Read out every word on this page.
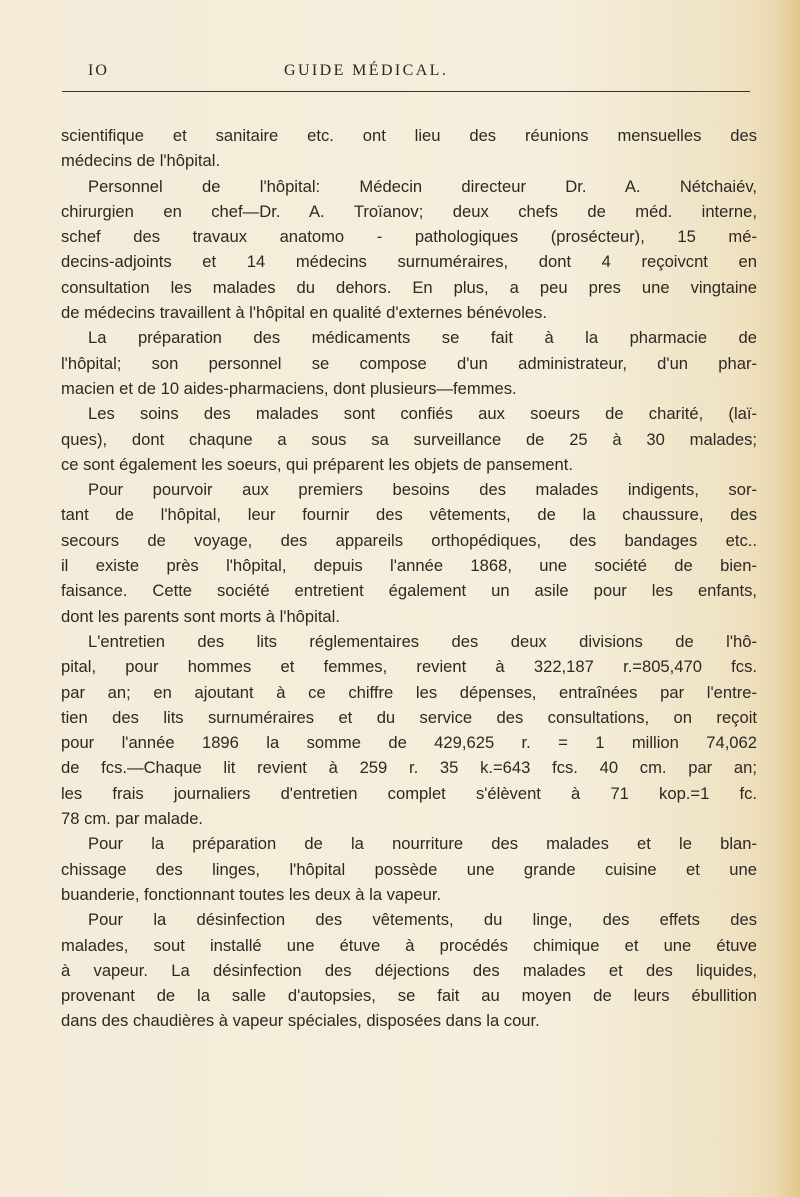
IO	GUIDE MÉDICAL.
scientifique et sanitaire etc. ont lieu des réunions mensuelles des
médecins de l'hôpital.
Personnel de l'hôpital: Médecin directeur Dr. A. Nétchaiév,
chirurgien en chef—Dr. A. Troïanov; deux chefs de méd. interne,
schef des travaux anatomo - pathologiques (prosécteur), 15 mé-
decins-adjoints et 14 médecins surnuméraires, dont 4 reçoivcnt en
consultation les malades du dehors. En plus, a peu pres une vingtaine
de médecins travaillent à l'hôpital en qualité d'externes bénévoles.
La préparation des médicaments se fait à la pharmacie de
l'hôpital; son personnel se compose d'un administrateur, d'un phar-
macien et de 10 aides-pharmaciens, dont plusieurs—femmes.
Les soins des malades sont confiés aux soeurs de charité, (laï-
ques), dont chaqune a sous sa surveillance de 25 à 30 malades;
ce sont également les soeurs, qui préparent les objets de pansement.
Pour pourvoir aux premiers besoins des malades indigents, sor-
tant de l'hôpital, leur fournir des vêtements, de la chaussure, des
secours de voyage, des appareils orthopédiques, des bandages etc..
il existe près l'hôpital, depuis l'année 1868, une société de bien-
faisance. Cette société entretient également un asile pour les enfants,
dont les parents sont morts à l'hôpital.
L'entretien des lits réglementaires des deux divisions de l'hô-
pital, pour hommes et femmes, revient à 322,187 r.=805,470 fcs.
par an; en ajoutant à ce chiffre les dépenses, entraînées par l'entre-
tien des lits surnuméraires et du service des consultations, on reçoit
pour l'année 1896 la somme de 429,625 r. = 1 million 74,062
de fcs.—Chaque lit revient à 259 r. 35 k.=643 fcs. 40 cm. par an;
les frais journaliers d'entretien complet s'élèvent à 71 kop.=1 fc.
78 cm. par malade.
Pour la préparation de la nourriture des malades et le blan-
chissage des linges, l'hôpital possède une grande cuisine et une
buanderie, fonctionnant toutes les deux à la vapeur.
Pour la désinfection des vêtements, du linge, des effets des
malades, sout installé une étuve à procédés chimique et une étuve
à vapeur. La désinfection des déjections des malades et des liquides,
provenant de la salle d'autopsies, se fait au moyen de leurs ébullition
dans des chaudières à vapeur spéciales, disposées dans la cour.
